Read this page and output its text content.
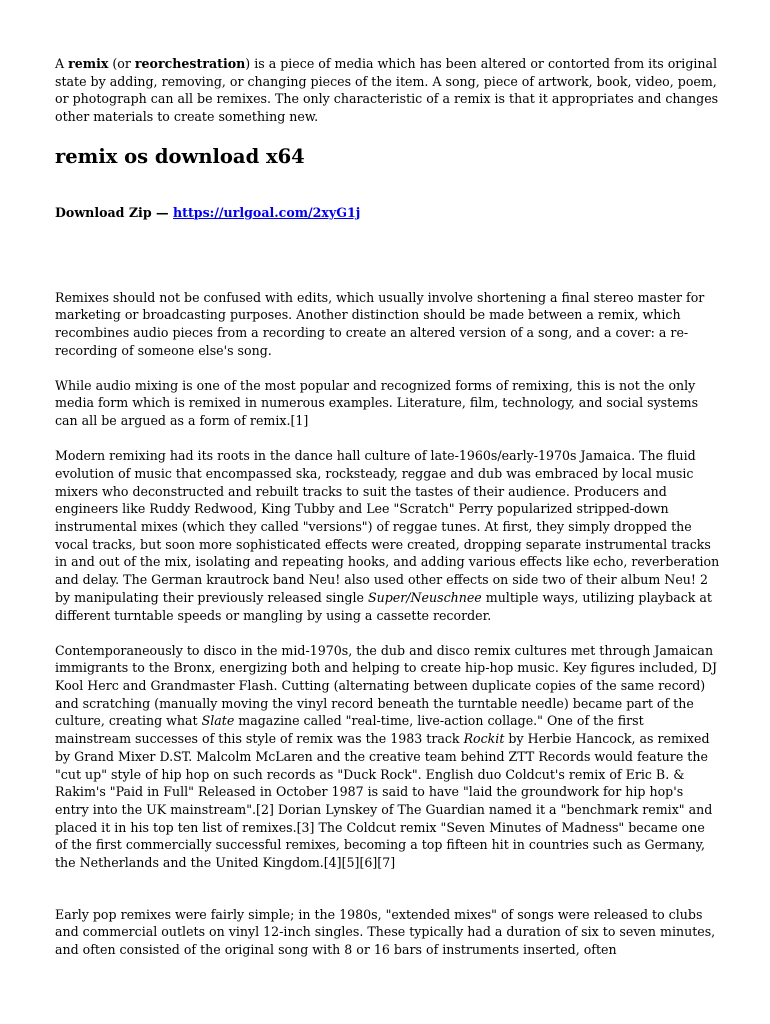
A remix (or reorchestration) is a piece of media which has been altered or contorted from its original state by adding, removing, or changing pieces of the item. A song, piece of artwork, book, video, poem, or photograph can all be remixes. The only characteristic of a remix is that it appropriates and changes other materials to create something new.

remix os download x64

Download Zip — https://urlgoal.com/2xyG1j

Remixes should not be confused with edits, which usually involve shortening a final stereo master for marketing or broadcasting purposes. Another distinction should be made between a remix, which recombines audio pieces from a recording to create an altered version of a song, and a cover: a re-recording of someone else's song.

While audio mixing is one of the most popular and recognized forms of remixing, this is not the only media form which is remixed in numerous examples. Literature, film, technology, and social systems can all be argued as a form of remix.[1]

Modern remixing had its roots in the dance hall culture of late-1960s/early-1970s Jamaica. The fluid evolution of music that encompassed ska, rocksteady, reggae and dub was embraced by local music mixers who deconstructed and rebuilt tracks to suit the tastes of their audience. Producers and engineers like Ruddy Redwood, King Tubby and Lee "Scratch" Perry popularized stripped-down instrumental mixes (which they called "versions") of reggae tunes. At first, they simply dropped the vocal tracks, but soon more sophisticated effects were created, dropping separate instrumental tracks in and out of the mix, isolating and repeating hooks, and adding various effects like echo, reverberation and delay. The German krautrock band Neu! also used other effects on side two of their album Neu! 2 by manipulating their previously released single Super/Neuschnee multiple ways, utilizing playback at different turntable speeds or mangling by using a cassette recorder.

Contemporaneously to disco in the mid-1970s, the dub and disco remix cultures met through Jamaican immigrants to the Bronx, energizing both and helping to create hip-hop music. Key figures included, DJ Kool Herc and Grandmaster Flash. Cutting (alternating between duplicate copies of the same record) and scratching (manually moving the vinyl record beneath the turntable needle) became part of the culture, creating what Slate magazine called "real-time, live-action collage." One of the first mainstream successes of this style of remix was the 1983 track Rockit by Herbie Hancock, as remixed by Grand Mixer D.ST. Malcolm McLaren and the creative team behind ZTT Records would feature the "cut up" style of hip hop on such records as "Duck Rock". English duo Coldcut's remix of Eric B. & Rakim's "Paid in Full" Released in October 1987 is said to have "laid the groundwork for hip hop's entry into the UK mainstream".[2] Dorian Lynskey of The Guardian named it a "benchmark remix" and placed it in his top ten list of remixes.[3] The Coldcut remix "Seven Minutes of Madness" became one of the first commercially successful remixes, becoming a top fifteen hit in countries such as Germany, the Netherlands and the United Kingdom.[4][5][6][7]

Early pop remixes were fairly simple; in the 1980s, "extended mixes" of songs were released to clubs and commercial outlets on vinyl 12-inch singles. These typically had a duration of six to seven minutes, and often consisted of the original song with 8 or 16 bars of instruments inserted, often
